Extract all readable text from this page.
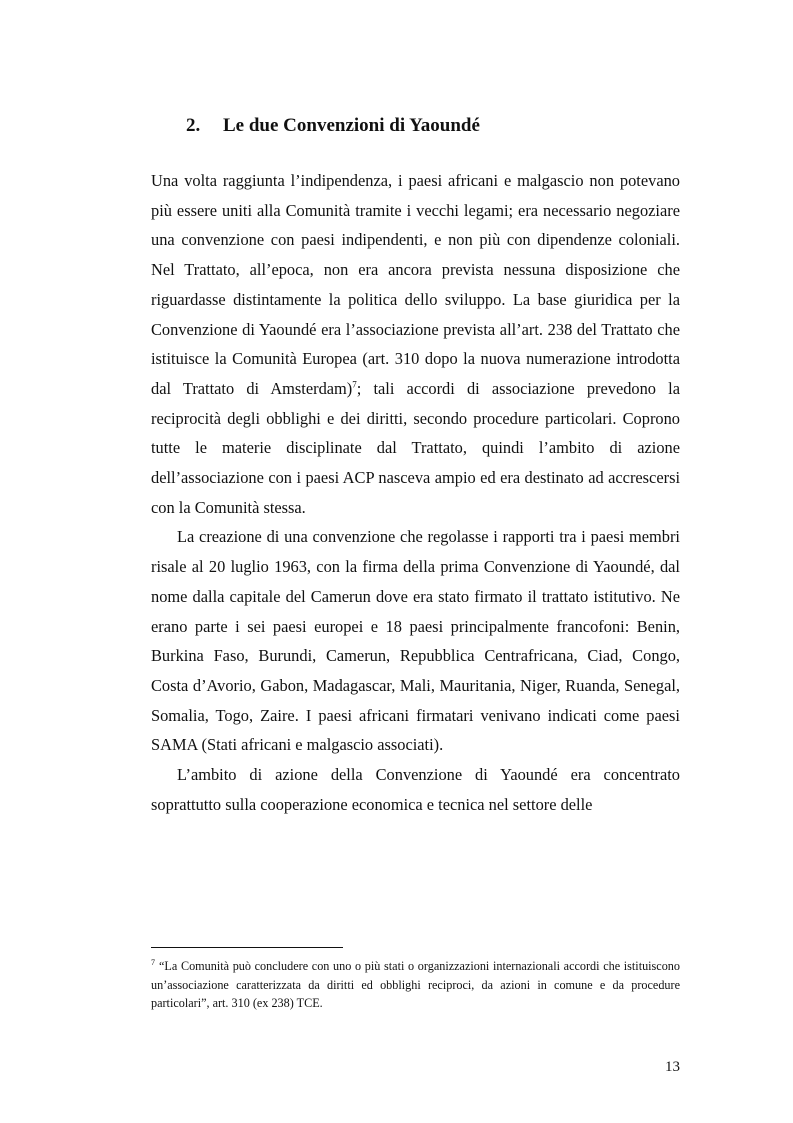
2. Le due Convenzioni di Yaoundé

Una volta raggiunta l’indipendenza, i paesi africani e malgascio non potevano più essere uniti alla Comunità tramite i vecchi legami; era necessario negoziare una convenzione con paesi indipendenti, e non più con dipendenze coloniali. Nel Trattato, all’epoca, non era ancora prevista nessuna disposizione che riguardasse distintamente la politica dello sviluppo. La base giuridica per la Convenzione di Yaoundé era l’associazione prevista all’art. 238 del Trattato che istituisce la Comunità Europea (art. 310 dopo la nuova numerazione introdotta dal Trattato di Amsterdam)$^7$; tali accordi di associazione prevedono la reciprocità degli obblighi e dei diritti, secondo procedure particolari. Coprono tutte le materie disciplinate dal Trattato, quindi l’ambito di azione dell’associazione con i paesi ACP nasceva ampio ed era destinato ad accrescersi con la Comunità stessa.

La creazione di una convenzione che regolasse i rapporti tra i paesi membri risale al 20 luglio 1963, con la firma della prima Convenzione di Yaoundé, dal nome dalla capitale del Camerun dove era stato firmato il trattato istitutivo. Ne erano parte i sei paesi europei e 18 paesi principalmente francofoni: Benin, Burkina Faso, Burundi, Camerun, Repubblica Centrafricana, Ciad, Congo, Costa d’Avorio, Gabon, Madagascar, Mali, Mauritania, Niger, Ruanda, Senegal, Somalia, Togo, Zaire. I paesi africani firmatari venivano indicati come paesi SAMA (Stati africani e malgascio associati).

L’ambito di azione della Convenzione di Yaoundé era concentrato soprattutto sulla cooperazione economica e tecnica nel settore delle

$^7$ “La Comunità può concludere con uno o più stati o organizzazioni internazionali accordi che istituiscono un’associazione caratterizzata da diritti ed obblighi reciproci, da azioni in comune e da procedure particolari”, art. 310 (ex 238) TCE.

13
